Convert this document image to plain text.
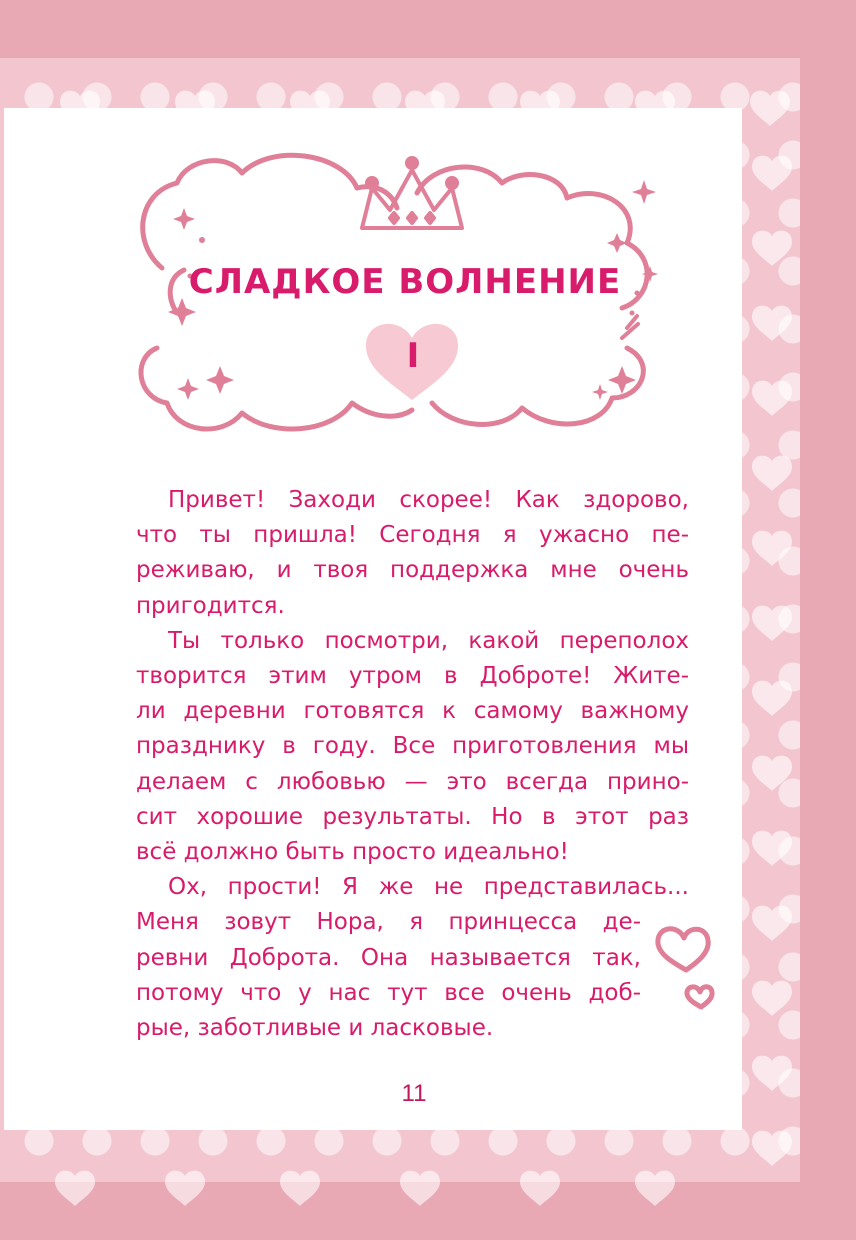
СЛАДКОЕ ВОЛНЕНИЕ
I
Привет! Заходи скорее! Как здорово,
что ты пришла! Сегодня я ужасно пе-
реживаю, и твоя поддержка мне очень
пригодится.
Ты только посмотри, какой переполох
творится этим утром в Доброте! Жите-
ли деревни готовятся к самому важному
празднику в году. Все приготовления мы
делаем с любовью — это всегда прино-
сит хорошие результаты. Но в этот раз
всё должно быть просто идеально!
Ох, прости! Я же не представилась...
Меня зовут Нора, я принцесса де-
ревни Доброта. Она называется так,
потому что у нас тут все очень доб-
рые, заботливые и ласковые.
11
